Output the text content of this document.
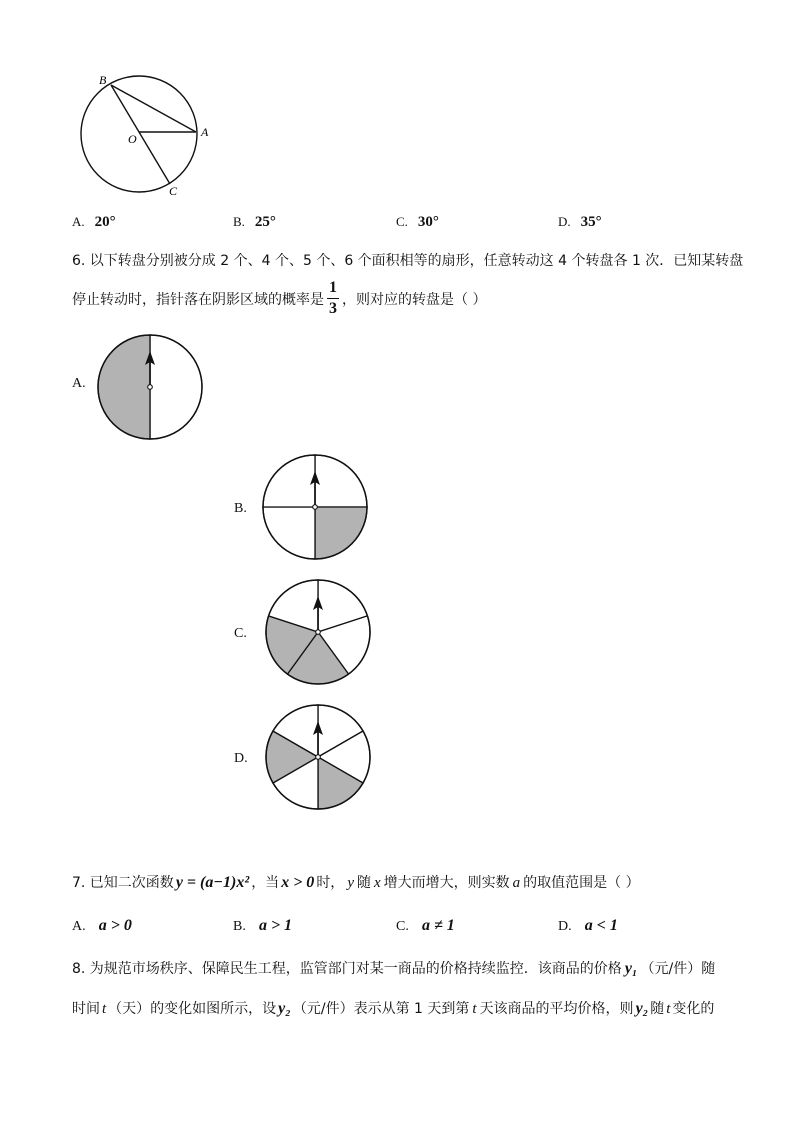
B
A
O
C
A. 20°	B. 25°	C. 30°	D. 35°
6. 以下转盘分别被分成 2 个、4 个、5 个、6 个面积相等的扇形，任意转动这 4 个转盘各 1 次．已知某转盘
停止转动时，指针落在阴影区域的概率是 $\frac{1}{3}$ ，则对应的转盘是（ ）
A.
B.
C.
D.
7. 已知二次函数 y = (a−1)x² ，当 x > 0 时， y 随 x 增大而增大，则实数 a 的取值范围是（ ）
A. a > 0	B. a > 1	C. a ≠ 1	D. a < 1
8. 为规范市场秩序、保障民生工程，监管部门对某一商品的价格持续监控．该商品的价格 y₁ （元/件）随
时间 t （天）的变化如图所示，设 y₂ （元/件）表示从第 1 天到第 t 天该商品的平均价格，则 y₂ 随 t 变化的
